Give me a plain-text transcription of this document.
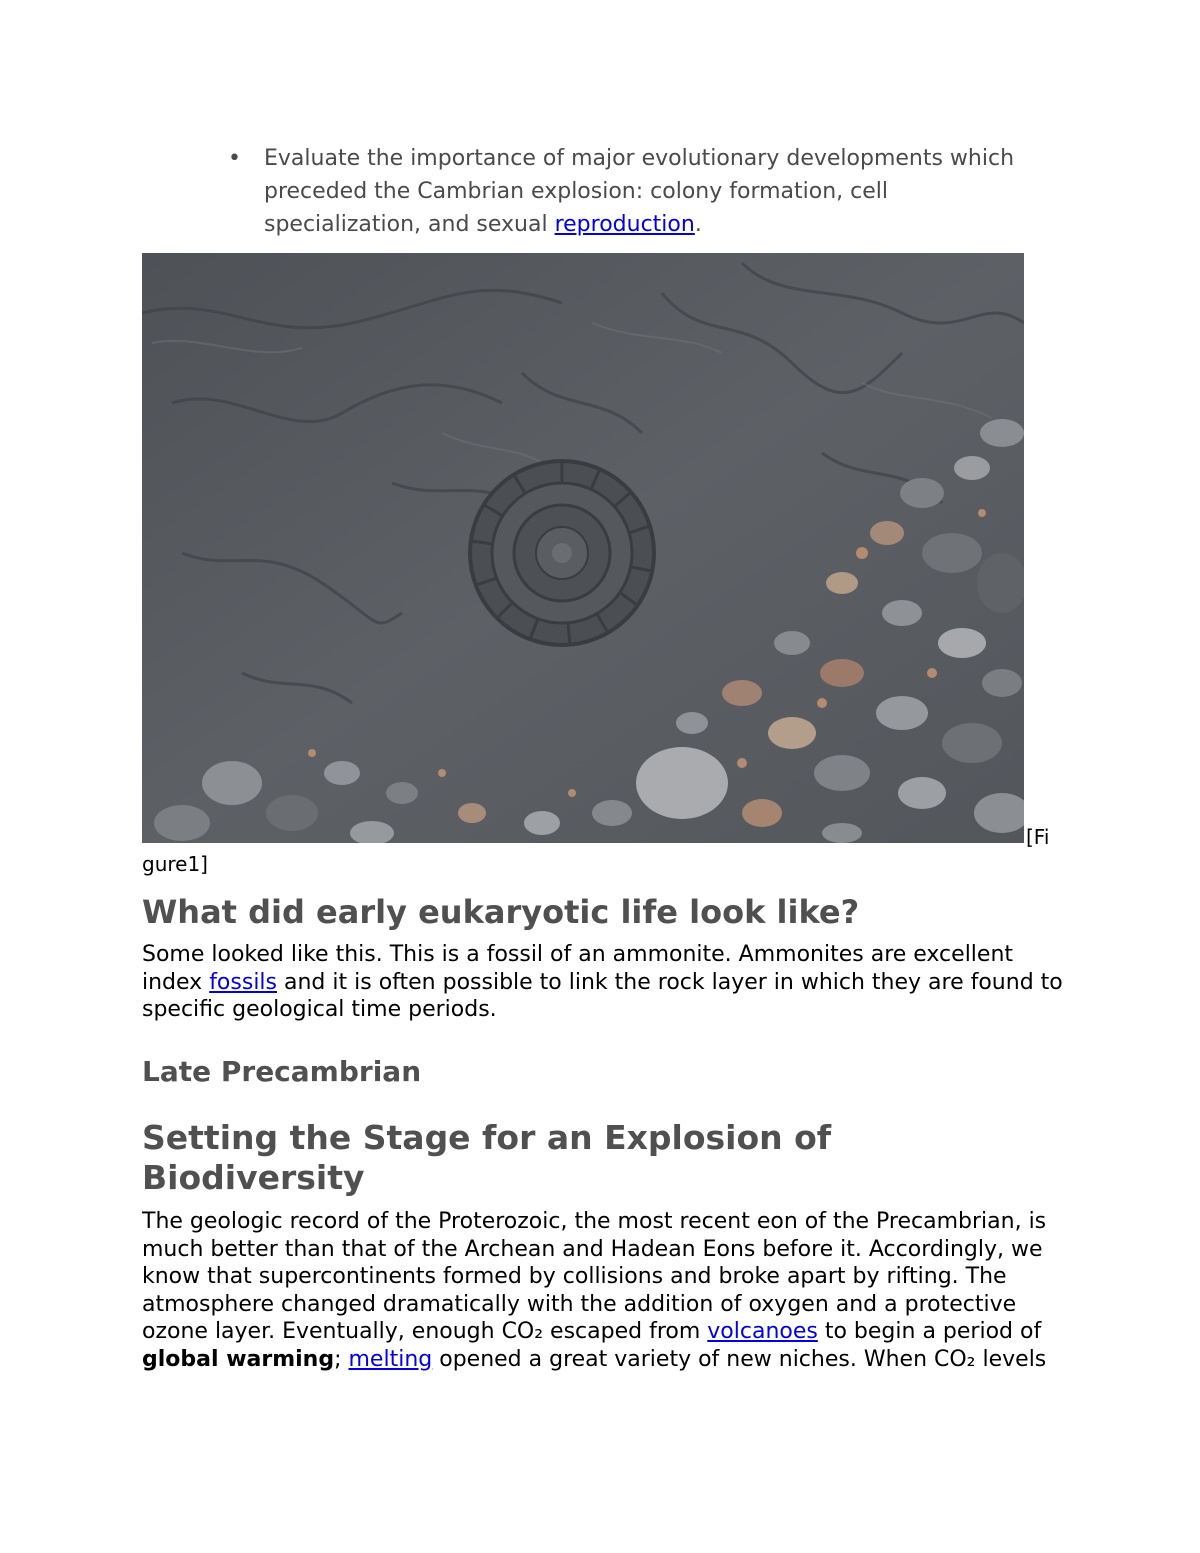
•	Evaluate the importance of major evolutionary developments which preceded the Cambrian explosion: colony formation, cell specialization, and sexual reproduction.
[Fi
gure1]
What did early eukaryotic life look like?

Some looked like this. This is a fossil of an ammonite. Ammonites are excellent index fossils and it is often possible to link the rock layer in which they are found to specific geological time periods.

Late Precambrian
Setting the Stage for an Explosion of Biodiversity

The geologic record of the Proterozoic, the most recent eon of the Precambrian, is much better than that of the Archean and Hadean Eons before it. Accordingly, we know that supercontinents formed by collisions and broke apart by rifting. The atmosphere changed dramatically with the addition of oxygen and a protective ozone layer. Eventually, enough CO₂ escaped from volcanoes to begin a period of global warming; melting opened a great variety of new niches. When CO₂ levels
